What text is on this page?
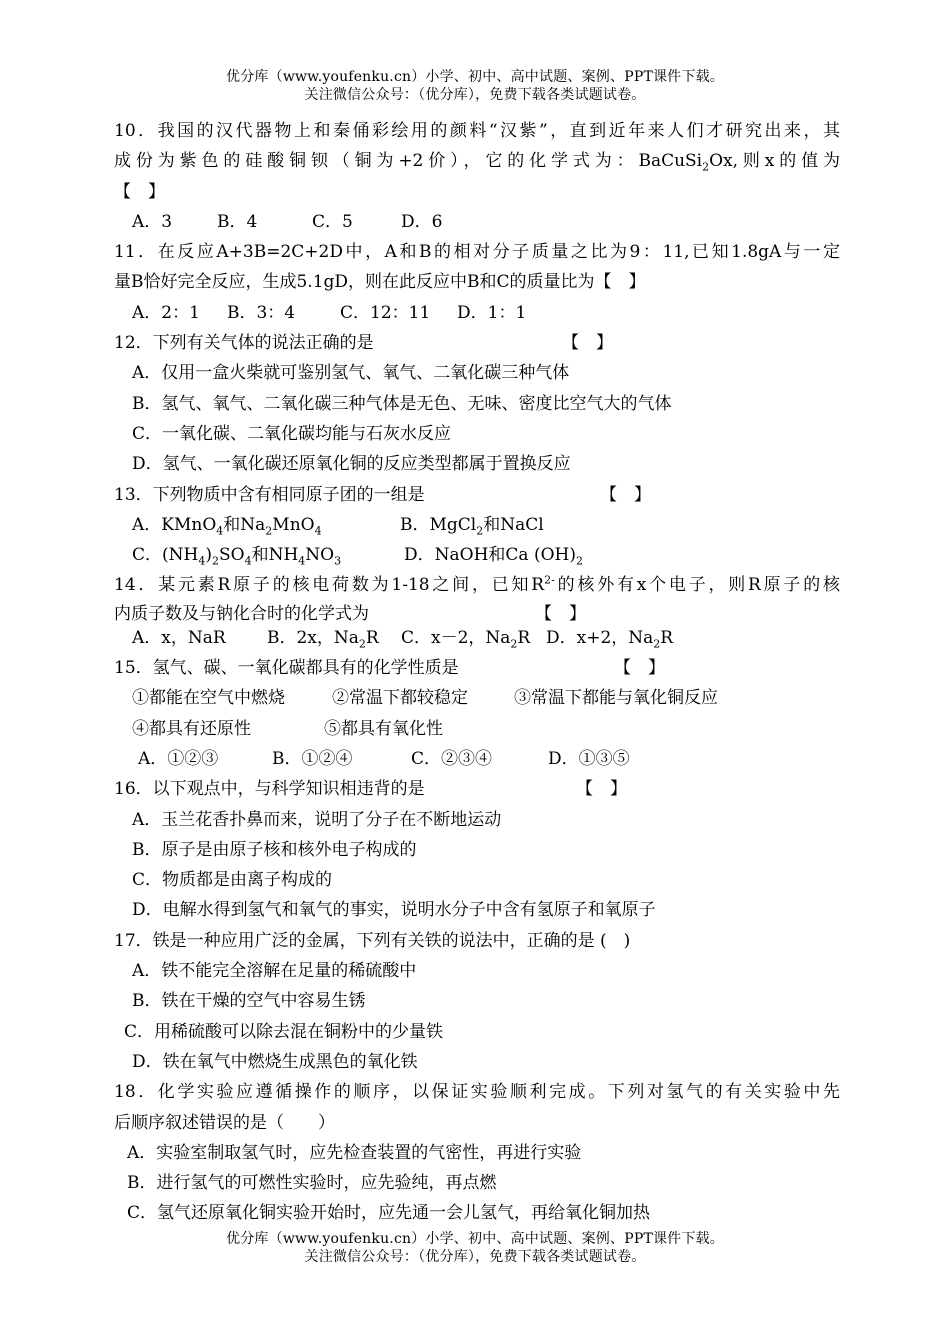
优分库（www.youfenku.cn）小学、初中、高中试题、案例、PPT课件下载。
关注微信公众号：（优分库），免费下载各类试题试卷。
10．我国的汉代器物上和秦俑彩绘用的颜料“汉紫”，直到近年来人们才研究出来，其
成份为紫色的硅酸铜钡（铜为+2价），它的化学式为：BaCuSi$_2$Ox,则x的值为
【　】
A．3	B．4	C．5	D．6
11．在反应A+3B=2C+2D中，A和B的相对分子质量之比为9：11,已知1.8gA与一定
量B恰好完全反应，生成5.1gD，则在此反应中B和C的质量比为【　】
A．2：1 B．3：4	C．12：11 D．1：1
12．下列有关气体的说法正确的是	【　】
A．仅用一盒火柴就可鉴别氢气、氧气、二氧化碳三种气体
B．氢气、氧气、二氧化碳三种气体是无色、无味、密度比空气大的气体
C．一氧化碳、二氧化碳均能与石灰水反应
D．氢气、一氧化碳还原氧化铜的反应类型都属于置换反应
13．下列物质中含有相同原子团的一组是	【　】
A．KMnO$_4$和$Na_2MnO_4$	B．MgCl$_2$和NaCl
C．$(NH_4)_2SO_4$和$NH_4NO_3$	D．NaOH和Ca $(OH)_2$
14．某元素R原子的核电荷数为1-18之间，已知$R^{2-}$的核外有x个电子，则R原子的核
内质子数及与钠化合时的化学式为	【　】
A．x，NaR B．2x，$Na_2R$ C．x－2，$Na_2R$ D．x+2，$Na_2R$
15．氢气、碳、一氧化碳都具有的化学性质是	【　】
①都能在空气中燃烧	②常温下都较稳定	③常温下都能与氧化铜反应
④都具有还原性	⑤都具有氧化性
A．①②③	B．①②④	C．②③④	D．①③⑤
16．以下观点中，与科学知识相违背的是	【　】
A．玉兰花香扑鼻而来，说明了分子在不断地运动
B．原子是由原子核和核外电子构成的
C．物质都是由离子构成的
D．电解水得到氢气和氧气的事实，说明水分子中含有氢原子和氧原子
17．铁是一种应用广泛的金属，下列有关铁的说法中，正确的是 (　)
A．铁不能完全溶解在足量的稀硫酸中
B．铁在干燥的空气中容易生锈
C．用稀硫酸可以除去混在铜粉中的少量铁
D．铁在氧气中燃烧生成黑色的氧化铁
18．化学实验应遵循操作的顺序，以保证实验顺利完成。下列对氢气的有关实验中先
后顺序叙述错误的是（　　）
A．实验室制取氢气时，应先检查装置的气密性，再进行实验
B．进行氢气的可燃性实验时，应先验纯，再点燃
C．氢气还原氧化铜实验开始时，应先通一会儿氢气，再给氧化铜加热
优分库（www.youfenku.cn）小学、初中、高中试题、案例、PPT课件下载。
关注微信公众号：（优分库），免费下载各类试题试卷。
